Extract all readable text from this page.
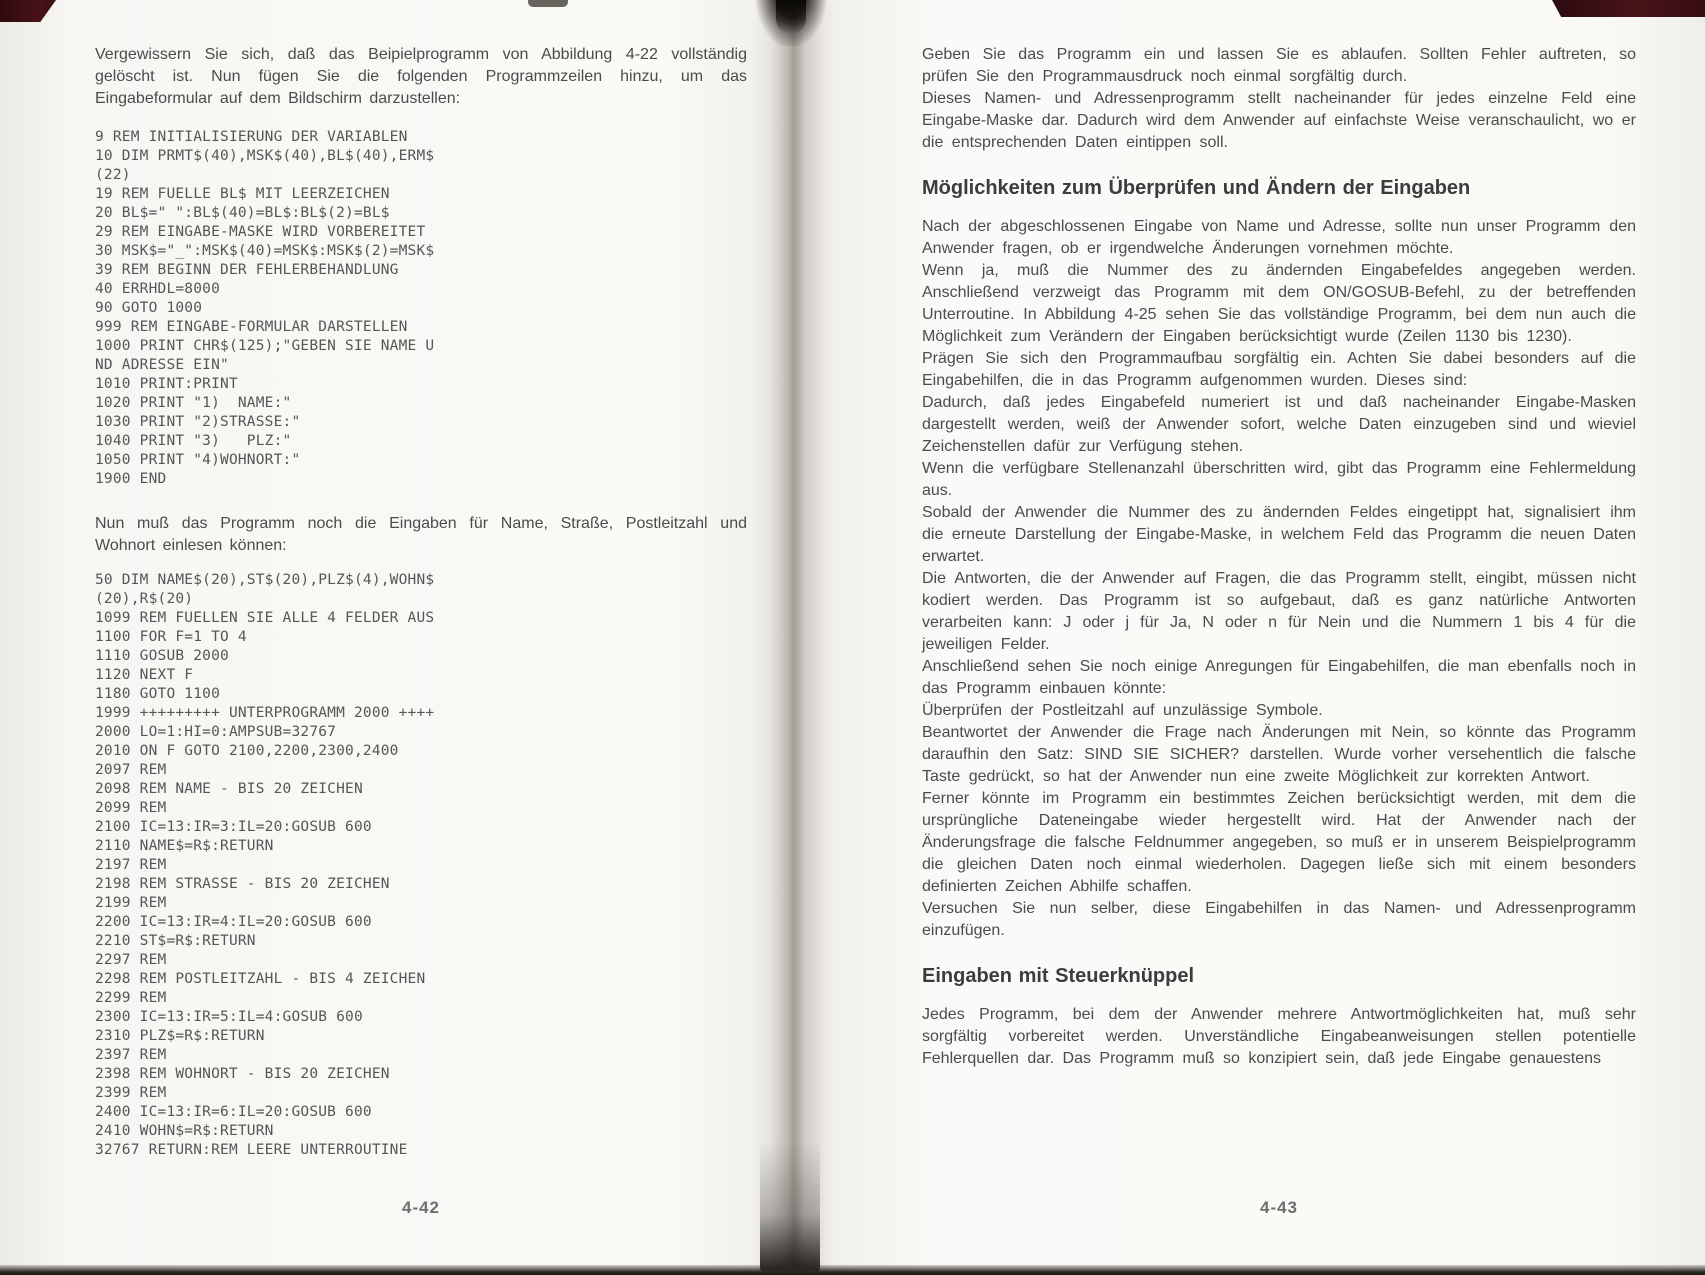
Vergewissern Sie sich, daß das Beipielprogramm von Abbildung 4-22 vollständig gelöscht ist. Nun fügen Sie die folgenden Programmzeilen hinzu, um das Eingabeformular auf dem Bildschirm darzustellen:

9 REM INITIALISIERUNG DER VARIABLEN
10 DIM PRMT$(40),MSK$(40),BL$(40),ERM$
(22)
19 REM FUELLE BL$ MIT LEERZEICHEN
20 BL$=" ":BL$(40)=BL$:BL$(2)=BL$
29 REM EINGABE-MASKE WIRD VORBEREITET
30 MSK$="_":MSK$(40)=MSK$:MSK$(2)=MSK$
39 REM BEGINN DER FEHLERBEHANDLUNG
40 ERRHDL=8000
90 GOTO 1000
999 REM EINGABE-FORMULAR DARSTELLEN
1000 PRINT CHR$(125);"GEBEN SIE NAME U
ND ADRESSE EIN"
1010 PRINT:PRINT
1020 PRINT "1)  NAME:"
1030 PRINT "2)STRASSE:"
1040 PRINT "3)   PLZ:"
1050 PRINT "4)WOHNORT:"
1900 END

Nun muß das Programm noch die Eingaben für Name, Straße, Postleitzahl und Wohnort einlesen können:

50 DIM NAME$(20),ST$(20),PLZ$(4),WOHN$
(20),R$(20)
1099 REM FUELLEN SIE ALLE 4 FELDER AUS
1100 FOR F=1 TO 4
1110 GOSUB 2000
1120 NEXT F
1180 GOTO 1100
1999 +++++++++ UNTERPROGRAMM 2000 ++++
2000 LO=1:HI=0:AMPSUB=32767
2010 ON F GOTO 2100,2200,2300,2400
2097 REM
2098 REM NAME - BIS 20 ZEICHEN
2099 REM
2100 IC=13:IR=3:IL=20:GOSUB 600
2110 NAME$=R$:RETURN
2197 REM
2198 REM STRASSE - BIS 20 ZEICHEN
2199 REM
2200 IC=13:IR=4:IL=20:GOSUB 600
2210 ST$=R$:RETURN
2297 REM
2298 REM POSTLEITZAHL - BIS 4 ZEICHEN
2299 REM
2300 IC=13:IR=5:IL=4:GOSUB 600
2310 PLZ$=R$:RETURN
2397 REM
2398 REM WOHNORT - BIS 20 ZEICHEN
2399 REM
2400 IC=13:IR=6:IL=20:GOSUB 600
2410 WOHN$=R$:RETURN
32767 RETURN:REM LEERE UNTERROUTINE
4-42

Geben Sie das Programm ein und lassen Sie es ablaufen. Sollten Fehler auftreten, so prüfen Sie den Programmausdruck noch einmal sorgfältig durch.

Dieses Namen- und Adressenprogramm stellt nacheinander für jedes einzelne Feld eine Eingabe-Maske dar. Dadurch wird dem Anwender auf einfachste Weise veranschaulicht, wo er die entsprechenden Daten eintippen soll.

Möglichkeiten zum Überprüfen und Ändern der Eingaben

Nach der abgeschlossenen Eingabe von Name und Adresse, sollte nun unser Programm den Anwender fragen, ob er irgendwelche Änderungen vornehmen möchte.

Wenn ja, muß die Nummer des zu ändernden Eingabefeldes angegeben werden. Anschließend verzweigt das Programm mit dem ON/GOSUB-Befehl, zu der betreffenden Unterroutine. In Abbildung 4-25 sehen Sie das vollständige Programm, bei dem nun auch die Möglichkeit zum Verändern der Eingaben berücksichtigt wurde (Zeilen 1130 bis 1230).

Prägen Sie sich den Programmaufbau sorgfältig ein. Achten Sie dabei besonders auf die Eingabehilfen, die in das Programm aufgenommen wurden. Dieses sind:

Dadurch, daß jedes Eingabefeld numeriert ist und daß nacheinander Eingabe-Masken dargestellt werden, weiß der Anwender sofort, welche Daten einzugeben sind und wieviel Zeichenstellen dafür zur Verfügung stehen.

Wenn die verfügbare Stellenanzahl überschritten wird, gibt das Programm eine Fehlermeldung aus.

Sobald der Anwender die Nummer des zu ändernden Feldes eingetippt hat, signalisiert ihm die erneute Darstellung der Eingabe-Maske, in welchem Feld das Programm die neuen Daten erwartet.

Die Antworten, die der Anwender auf Fragen, die das Programm stellt, eingibt, müssen nicht kodiert werden. Das Programm ist so aufgebaut, daß es ganz natürliche Antworten verarbeiten kann: J oder j für Ja, N oder n für Nein und die Nummern 1 bis 4 für die jeweiligen Felder.

Anschließend sehen Sie noch einige Anregungen für Eingabehilfen, die man ebenfalls noch in das Programm einbauen könnte:

Überprüfen der Postleitzahl auf unzulässige Symbole.

Beantwortet der Anwender die Frage nach Änderungen mit Nein, so könnte das Programm daraufhin den Satz: SIND SIE SICHER? darstellen. Wurde vorher versehentlich die falsche Taste gedrückt, so hat der Anwender nun eine zweite Möglichkeit zur korrekten Antwort.

Ferner könnte im Programm ein bestimmtes Zeichen berücksichtigt werden, mit dem die ursprüngliche Dateneingabe wieder hergestellt wird. Hat der Anwender nach der Änderungsfrage die falsche Feldnummer angegeben, so muß er in unserem Beispielprogramm die gleichen Daten noch einmal wiederholen. Dagegen ließe sich mit einem besonders definierten Zeichen Abhilfe schaffen.

Versuchen Sie nun selber, diese Eingabehilfen in das Namen- und Adressenprogramm einzufügen.

Eingaben mit Steuerknüppel

Jedes Programm, bei dem der Anwender mehrere Antwortmöglichkeiten hat, muß sehr sorgfältig vorbereitet werden. Unverständliche Eingabeanweisungen stellen potentielle Fehlerquellen dar. Das Programm muß so konzipiert sein, daß jede Eingabe genauestens

4-43
